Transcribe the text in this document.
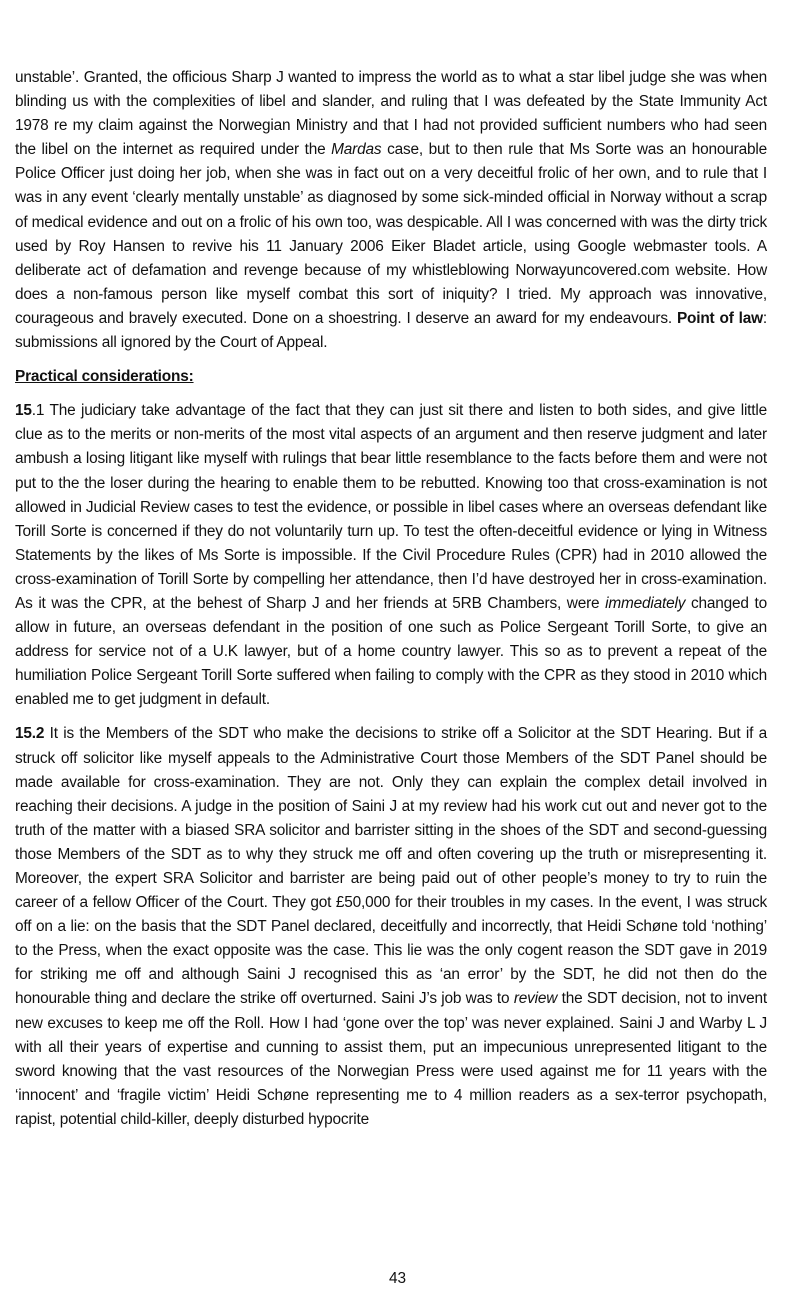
unstable’. Granted, the officious Sharp J wanted to impress the world as to what a star libel judge she was when blinding us with the complexities of libel and slander, and ruling that I was defeated by the State Immunity Act 1978 re my claim against the Norwegian Ministry and that I had not provided sufficient numbers who had seen the libel on the internet as required under the Mardas case, but to then rule that Ms Sorte was an honourable Police Officer just doing her job, when she was in fact out on a very deceitful frolic of her own, and to rule that I was in any event ‘clearly mentally unstable’ as diagnosed by some sick-minded official in Norway without a scrap of medical evidence and out on a frolic of his own too, was despicable. All I was concerned with was the dirty trick used by Roy Hansen to revive his 11 January 2006 Eiker Bladet article, using Google webmaster tools. A deliberate act of defamation and revenge because of my whistleblowing Norwayuncovered.com website. How does a non-famous person like myself combat this sort of iniquity? I tried. My approach was innovative, courageous and bravely executed. Done on a shoestring. I deserve an award for my endeavours. Point of law: submissions all ignored by the Court of Appeal.

Practical considerations:

15.1 The judiciary take advantage of the fact that they can just sit there and listen to both sides, and give little clue as to the merits or non-merits of the most vital aspects of an argument and then reserve judgment and later ambush a losing litigant like myself with rulings that bear little resemblance to the facts before them and were not put to the the loser during the hearing to enable them to be rebutted. Knowing too that cross-examination is not allowed in Judicial Review cases to test the evidence, or possible in libel cases where an overseas defendant like Torill Sorte is concerned if they do not voluntarily turn up. To test the often-deceitful evidence or lying in Witness Statements by the likes of Ms Sorte is impossible. If the Civil Procedure Rules (CPR) had in 2010 allowed the cross-examination of Torill Sorte by compelling her attendance, then I’d have destroyed her in cross-examination. As it was the CPR, at the behest of Sharp J and her friends at 5RB Chambers, were immediately changed to allow in future, an overseas defendant in the position of one such as Police Sergeant Torill Sorte, to give an address for service not of a U.K lawyer, but of a home country lawyer. This so as to prevent a repeat of the humiliation Police Sergeant Torill Sorte suffered when failing to comply with the CPR as they stood in 2010 which enabled me to get judgment in default.

15.2 It is the Members of the SDT who make the decisions to strike off a Solicitor at the SDT Hearing. But if a struck off solicitor like myself appeals to the Administrative Court those Members of the SDT Panel should be made available for cross-examination. They are not. Only they can explain the complex detail involved in reaching their decisions. A judge in the position of Saini J at my review had his work cut out and never got to the truth of the matter with a biased SRA solicitor and barrister sitting in the shoes of the SDT and second-guessing those Members of the SDT as to why they struck me off and often covering up the truth or misrepresenting it. Moreover, the expert SRA Solicitor and barrister are being paid out of other people’s money to try to ruin the career of a fellow Officer of the Court. They got £50,000 for their troubles in my cases. In the event, I was struck off on a lie: on the basis that the SDT Panel declared, deceitfully and incorrectly, that Heidi Schøne told ‘nothing’ to the Press, when the exact opposite was the case. This lie was the only cogent reason the SDT gave in 2019 for striking me off and although Saini J recognised this as ‘an error’ by the SDT, he did not then do the honourable thing and declare the strike off overturned. Saini J’s job was to review the SDT decision, not to invent new excuses to keep me off the Roll. How I had ‘gone over the top’ was never explained. Saini J and Warby L J with all their years of expertise and cunning to assist them, put an impecunious unrepresented litigant to the sword knowing that the vast resources of the Norwegian Press were used against me for 11 years with the ‘innocent’ and ‘fragile victim’ Heidi Schøne representing me to 4 million readers as a sex-terror psychopath, rapist, potential child-killer, deeply disturbed hypocrite

43
